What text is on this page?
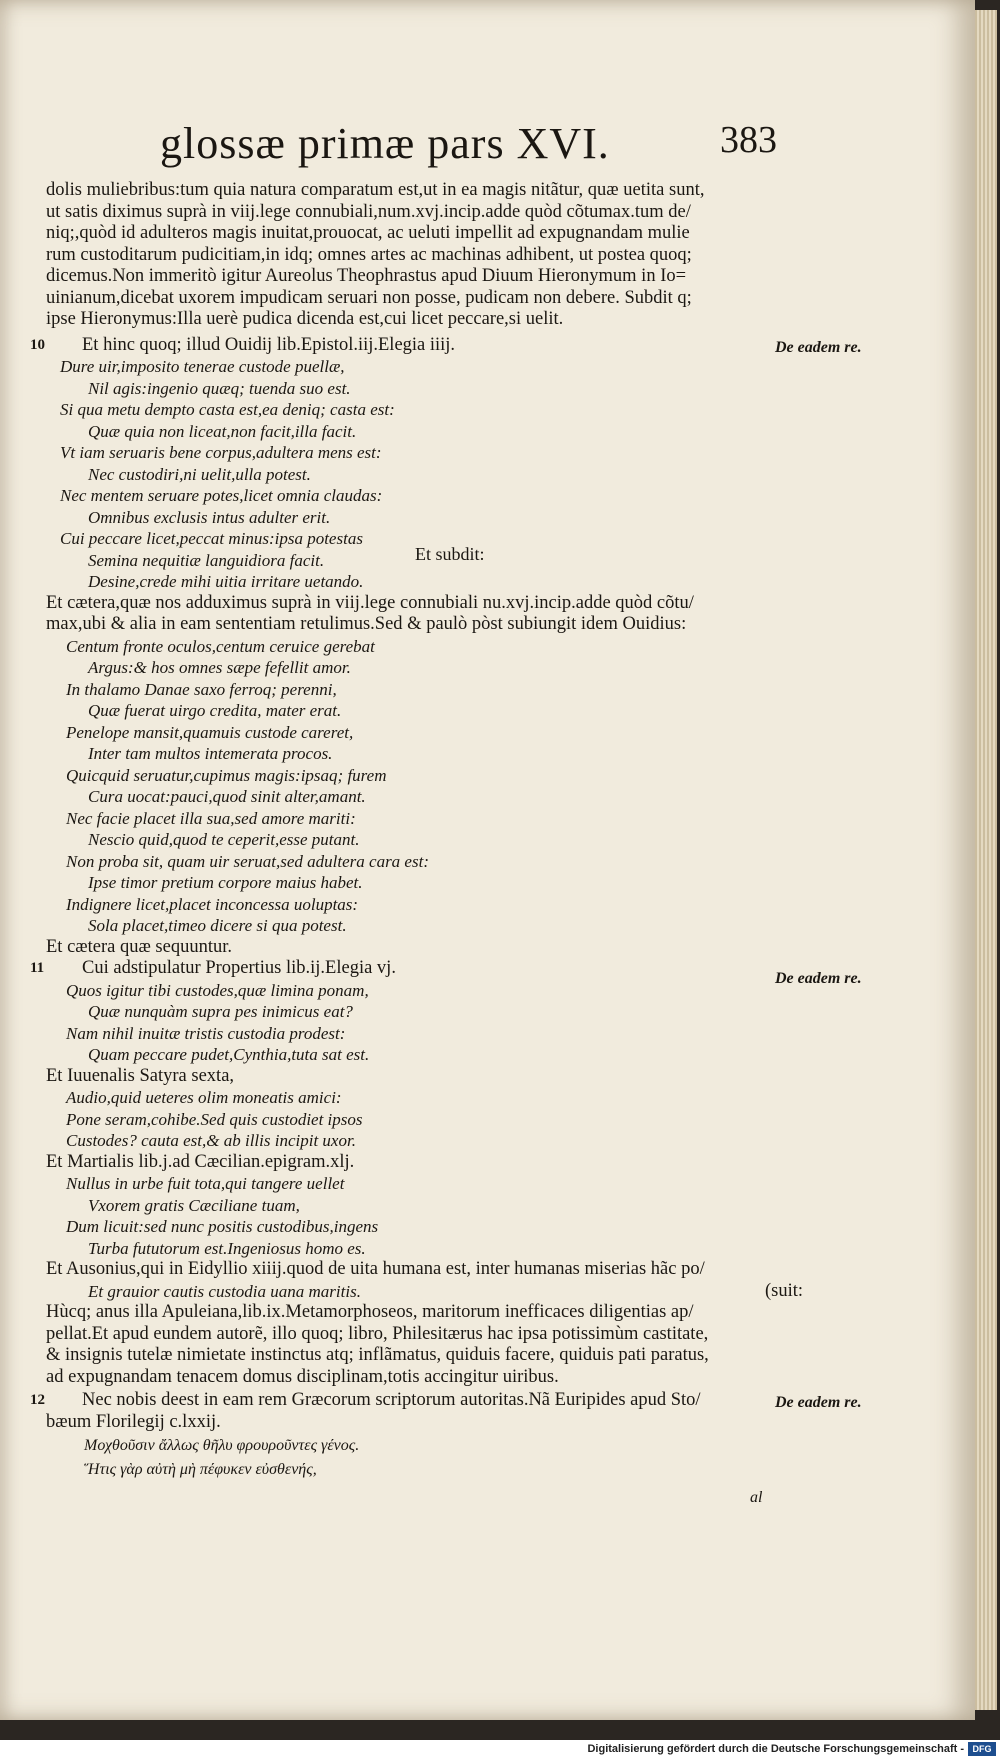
glossæ primæ pars XVI.	383
dolis muliebribus:tum quia natura comparatum est,ut in ea magis nitãtur, quæ uetita sunt,
ut satis diximus suprà in viij.lege connubiali,num.xvj.incip.adde quòd cõtumax.tum de/
niq;,quòd id adulteros magis inuitat,prouocat, ac ueluti impellit ad expugnandam mulie
rum custoditarum pudicitiam,in idq; omnes artes ac machinas adhibent, ut postea quoq;
dicemus.Non immeritò igitur Aureolus Theophrastus apud Diuum Hieronymum in Io=
uinianum,dicebat uxorem impudicam seruari non posse, pudicam non debere. Subdit q;
ipse Hieronymus:Illa uerè pudica dicenda est,cui licet peccare,si uelit.
10 Et hinc quoq; illud Ouidij lib.Epistol.iij.Elegia iiij.	De eadem re.
Dure uir,imposito tenerae custode puellæ,
Nil agis:ingenio quæq; tuenda suo est.
Si qua metu dempto casta est,ea deniq; casta est:
Quæ quia non liceat,non facit,illa facit.
Vt iam seruaris bene corpus,adultera mens est:
Nec custodiri,ni uelit,ulla potest.
Nec mentem seruare potes,licet omnia claudas:
Omnibus exclusis intus adulter erit.
Cui peccare licet,peccat minus:ipsa potestas
Semina nequitiæ languidiora facit.
Desine,crede mihi uitia irritare uetando.
Et subdit:
Et cætera,quæ nos adduximus suprà in viij.lege connubiali nu.xvj.incip.adde quòd cõtu/
max,ubi & alia in eam sententiam retulimus.Sed & paulò pòst subiungit idem Ouidius:
Centum fronte oculos,centum ceruice gerebat
Argus:& hos omnes sæpe fefellit amor.
In thalamo Danae saxo ferroq; perenni,
Quæ fuerat uirgo credita, mater erat.
Penelope mansit,quamuis custode careret,
Inter tam multos intemerata procos.
Quicquid seruatur,cupimus magis:ipsaq; furem
Cura uocat:pauci,quod sinit alter,amant.
Nec facie placet illa sua,sed amore mariti:
Nescio quid,quod te ceperit,esse putant.
Non proba sit, quam uir seruat,sed adultera cara est:
Ipse timor pretium corpore maius habet.
Indignere licet,placet inconcessa uoluptas:
Sola placet,timeo dicere si qua potest.
Et cætera quæ sequuntur.
11 Cui adstipulatur Propertius lib.ij.Elegia vj.
De eadem re.
Quos igitur tibi custodes,quæ limina ponam,
Quæ nunquàm supra pes inimicus eat?
Nam nihil inuitæ tristis custodia prodest:
Quam peccare pudet,Cynthia,tuta sat est.
Et Iuuenalis Satyra sexta,
Audio,quid ueteres olim moneatis amici:
Pone seram,cohibe.Sed quis custodiet ipsos
Custodes? cauta est,& ab illis incipit uxor.
Et Martialis lib.j.ad Cæcilian.epigram.xlj.
Nullus in urbe fuit tota,qui tangere uellet
Vxorem gratis Cæciliane tuam,
Dum licuit:sed nunc positis custodibus,ingens
Turba fututorum est.Ingeniosus homo es.
Et Ausonius,qui in Eidyllio xiiij.quod de uita humana est, inter humanas miserias hãc po/
Et grauior cautis custodia uana maritis.
Hùcq; anus illa Apuleiana,lib.ix.Metamorphoseos, maritorum inefficaces diligentias ap/
pellat.Et apud eundem autorẽ, illo quoq; libro, Philesitærus hac ipsa potissimùm castitate,
& insignis tutelæ nimietate instinctus atq; inflãmatus, quiduis facere, quiduis pati paratus,
ad expugnandam tenacem domus disciplinam,totis accingitur uiribus.
(suit:
12 Nec nobis deest in eam rem Græcorum scriptorum autoritas.Nã Euripides apud Sto/
bæum Florilegij c.lxxij.
De eadem re.
Μοχθοῦσιν ἄλλως θῆλυ φρουροῦντες γένος.
Ἥτις γὰρ αὐτὴ μὴ πέφυκεν εὐσθενής,
al
Digitalisierung gefördert durch die Deutsche Forschungsgemeinschaft - DFG
